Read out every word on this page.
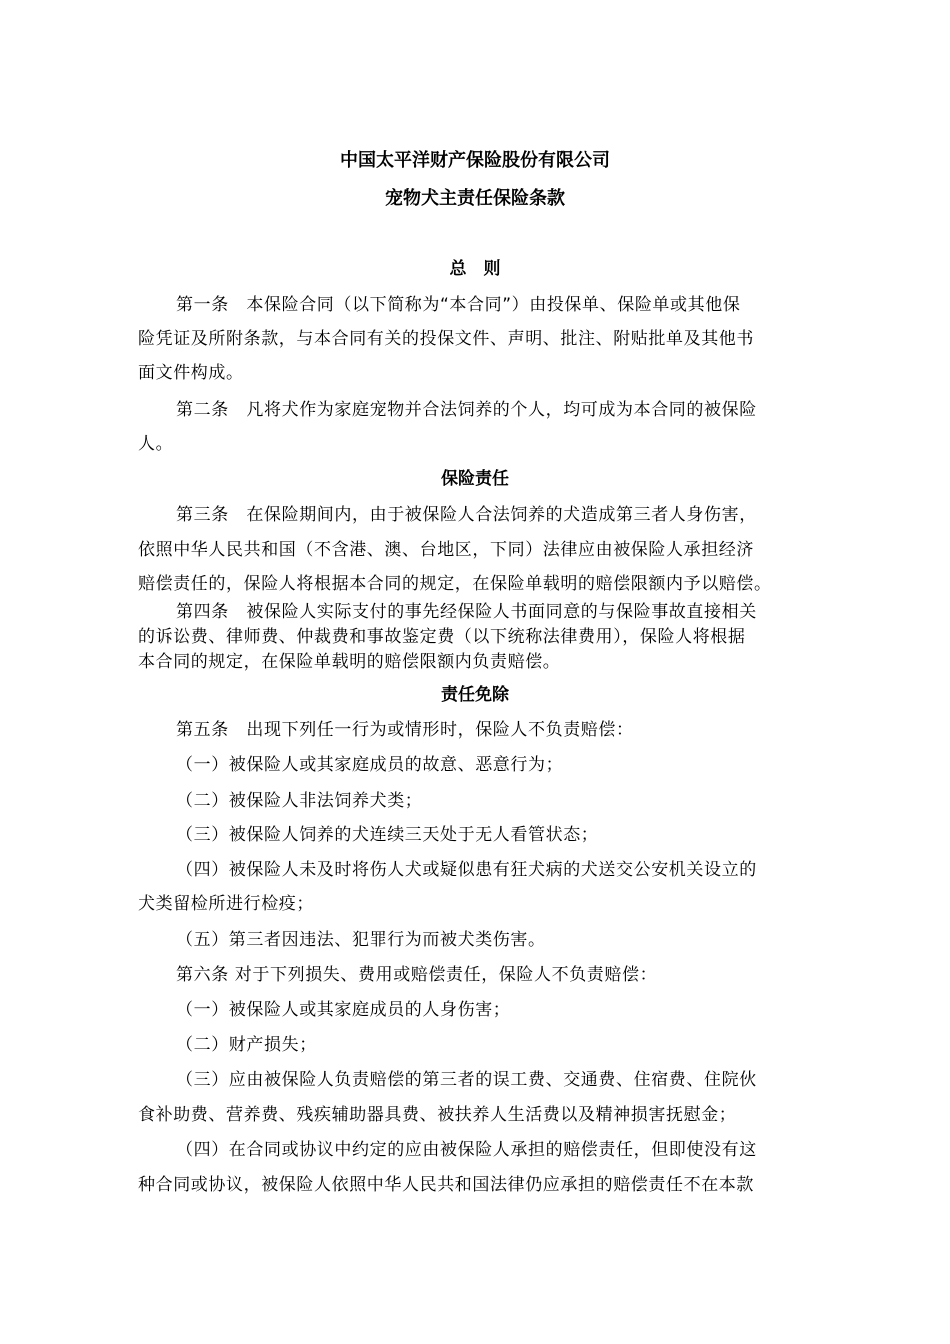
中国太平洋财产保险股份有限公司
宠物犬主责任保险条款
总　则
第一条　本保险合同（以下简称为“本合同”）由投保单、保险单或其他保
险凭证及所附条款，与本合同有关的投保文件、声明、批注、附贴批单及其他书
面文件构成。
第二条　凡将犬作为家庭宠物并合法饲养的个人，均可成为本合同的被保险
人。
保险责任
第三条　在保险期间内，由于被保险人合法饲养的犬造成第三者人身伤害，
依照中华人民共和国（不含港、澳、台地区，下同）法律应由被保险人承担经济
赔偿责任的，保险人将根据本合同的规定，在保险单载明的赔偿限额内予以赔偿。
第四条　被保险人实际支付的事先经保险人书面同意的与保险事故直接相关
的诉讼费、律师费、仲裁费和事故鉴定费（以下统称法律费用），保险人将根据
本合同的规定，在保险单载明的赔偿限额内负责赔偿。
责任免除
第五条　出现下列任一行为或情形时，保险人不负责赔偿：
（一）被保险人或其家庭成员的故意、恶意行为；
（二）被保险人非法饲养犬类；
（三）被保险人饲养的犬连续三天处于无人看管状态；
（四）被保险人未及时将伤人犬或疑似患有狂犬病的犬送交公安机关设立的
犬类留检所进行检疫；
（五）第三者因违法、犯罪行为而被犬类伤害。
第六条 对于下列损失、费用或赔偿责任，保险人不负责赔偿：
（一）被保险人或其家庭成员的人身伤害；
（二）财产损失；
（三）应由被保险人负责赔偿的第三者的误工费、交通费、住宿费、住院伙
食补助费、营养费、残疾辅助器具费、被扶养人生活费以及精神损害抚慰金；
（四）在合同或协议中约定的应由被保险人承担的赔偿责任，但即使没有这
种合同或协议，被保险人依照中华人民共和国法律仍应承担的赔偿责任不在本款
